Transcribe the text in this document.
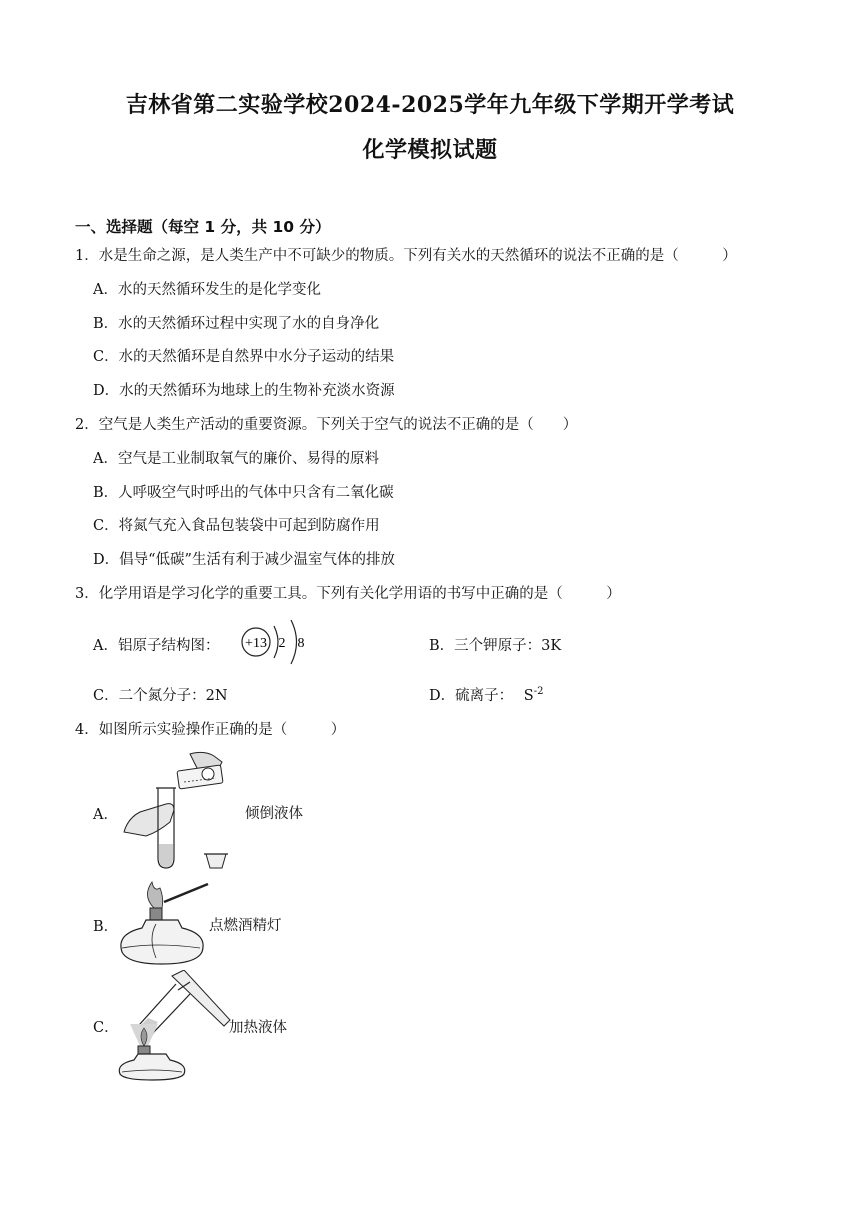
吉林省第二实验学校2024-2025学年九年级下学期开学考试
化学模拟试题
一、选择题（每空 1 分，共 10 分）
1．水是生命之源，是人类生产中不可缺少的物质。下列有关水的天然循环的说法不正确的是（　　　）
A．水的天然循环发生的是化学变化
B．水的天然循环过程中实现了水的自身净化
C．水的天然循环是自然界中水分子运动的结果
D．水的天然循环为地球上的生物补充淡水资源
2．空气是人类生产活动的重要资源。下列关于空气的说法不正确的是（　　）
A．空气是工业制取氧气的廉价、易得的原料
B．人呼吸空气时呼出的气体中只含有二氧化碳
C．将氮气充入食品包装袋中可起到防腐作用
D．倡导“低碳”生活有利于减少温室气体的排放
3．化学用语是学习化学的重要工具。下列有关化学用语的书写中正确的是（　　　）
A．铝原子结构图： +13 2 8	B．三个钾原子：3K
C．二个氮分子：2N	D．硫离子： $S^{-2}$
4．如图所示实验操作正确的是（　　　）
A．	倾倒液体
B．	点燃酒精灯
C．	加热液体
